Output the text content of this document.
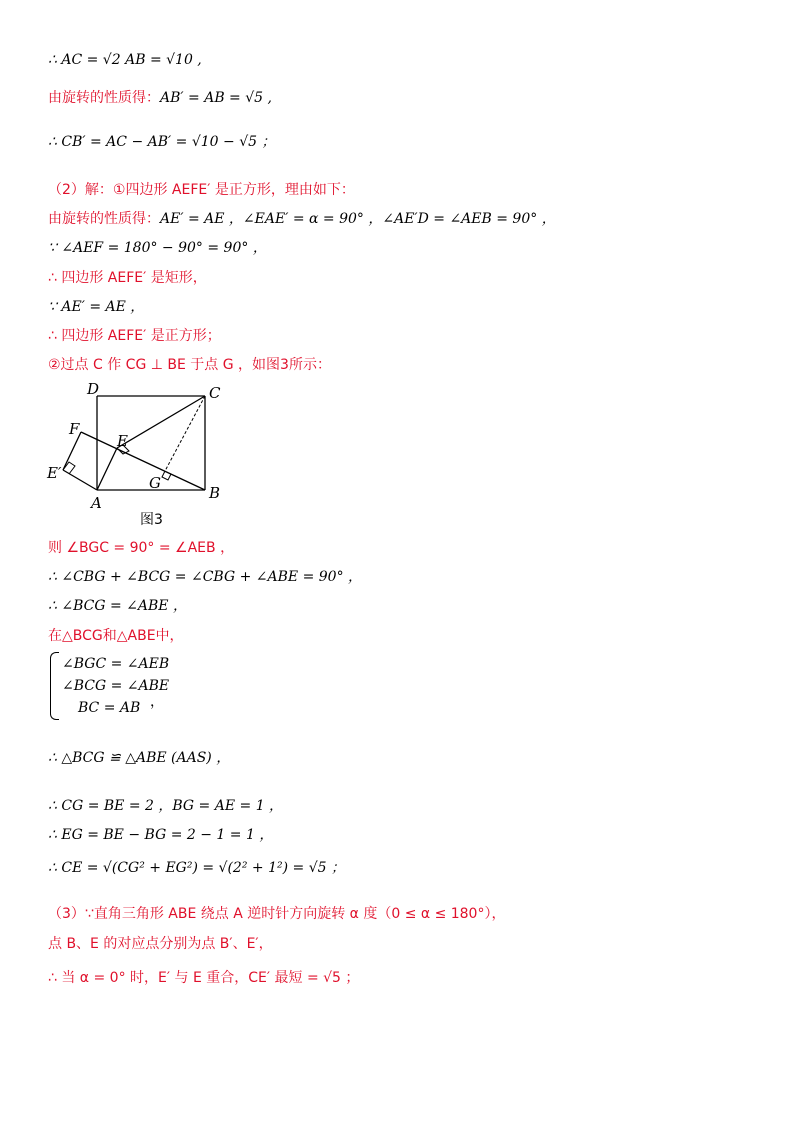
∴ AC = √2 AB = √10 ,
由旋转的性质得：AB′ = AB = √5 ,
∴ CB′ = AC − AB′ = √10 − √5 ；
（2）解：①四边形 AEFE′ 是正方形，理由如下：
由旋转的性质得：AE′ = AE ，∠EAE′ = α = 90° ，∠AE′D = ∠AEB = 90° ，
∵ ∠AEF = 180° − 90° = 90° ，
∴ 四边形 AEFE′ 是矩形，
∵ AE′ = AE ，
∴ 四边形 AEFE′ 是正方形；
②过点 C 作 CG ⊥ BE 于点 G ，如图3所示：
则 ∠BGC = 90° = ∠AEB ，
∴ ∠CBG + ∠BCG = ∠CBG + ∠ABE = 90° ，
∴ ∠BCG = ∠ABE ，
在△BCG和△ABE中，
∴ △BCG ≌ △ABE (AAS) ，
∴ CG = BE = 2 ，BG = AE = 1 ，
∴ EG = BE − BG = 2 − 1 = 1 ，
∴ CE = √(CG² + EG²) = √(2² + 1²) = √5 ；
（3）∵直角三角形 ABE 绕点 A 逆时针方向旋转 α 度（0 ≤ α ≤ 180°），
点 B、E 的对应点分别为点 B′、E′，
∴ 当 α = 0° 时，E′ 与 E 重合，CE′ 最短 = √5 ；
∠BGC = ∠AEB
∠BCG = ∠ABE
BC = AB ，
D	C
F
E
E′
A
G
B
图3
